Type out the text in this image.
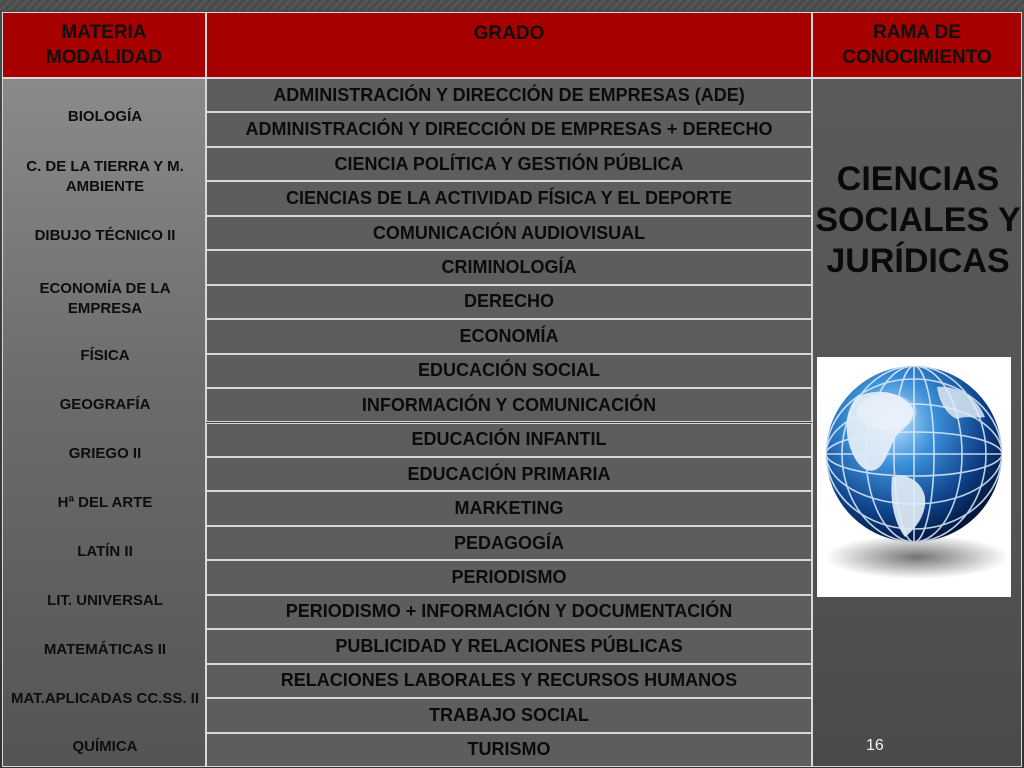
MATERIA MODALIDAD
GRADO	RAMA DE CONOCIMIENTO
BIOLOGÍA
C. DE LA TIERRA Y M. AMBIENTE
DIBUJO TÉCNICO II
ECONOMÍA DE LA EMPRESA
FÍSICA
GEOGRAFÍA
GRIEGO II
Hª DEL ARTE
LATÍN II
LIT. UNIVERSAL
MATEMÁTICAS II
MAT.APLICADAS CC.SS. II
QUÍMICA
ADMINISTRACIÓN Y DIRECCIÓN DE EMPRESAS (ADE)
ADMINISTRACIÓN Y DIRECCIÓN DE EMPRESAS + DERECHO
CIENCIA POLÍTICA Y GESTIÓN PÚBLICA
CIENCIAS DE LA ACTIVIDAD FÍSICA Y EL DEPORTE
COMUNICACIÓN AUDIOVISUAL
CRIMINOLOGÍA
DERECHO
ECONOMÍA
EDUCACIÓN SOCIAL
INFORMACIÓN Y COMUNICACIÓN
EDUCACIÓN INFANTIL
EDUCACIÓN PRIMARIA
MARKETING
PEDAGOGÍA
PERIODISMO
PERIODISMO + INFORMACIÓN Y DOCUMENTACIÓN
PUBLICIDAD Y RELACIONES PÚBLICAS
RELACIONES LABORALES Y RECURSOS HUMANOS
TRABAJO SOCIAL
TURISMO
CIENCIAS SOCIALES Y JURÍDICAS
16
